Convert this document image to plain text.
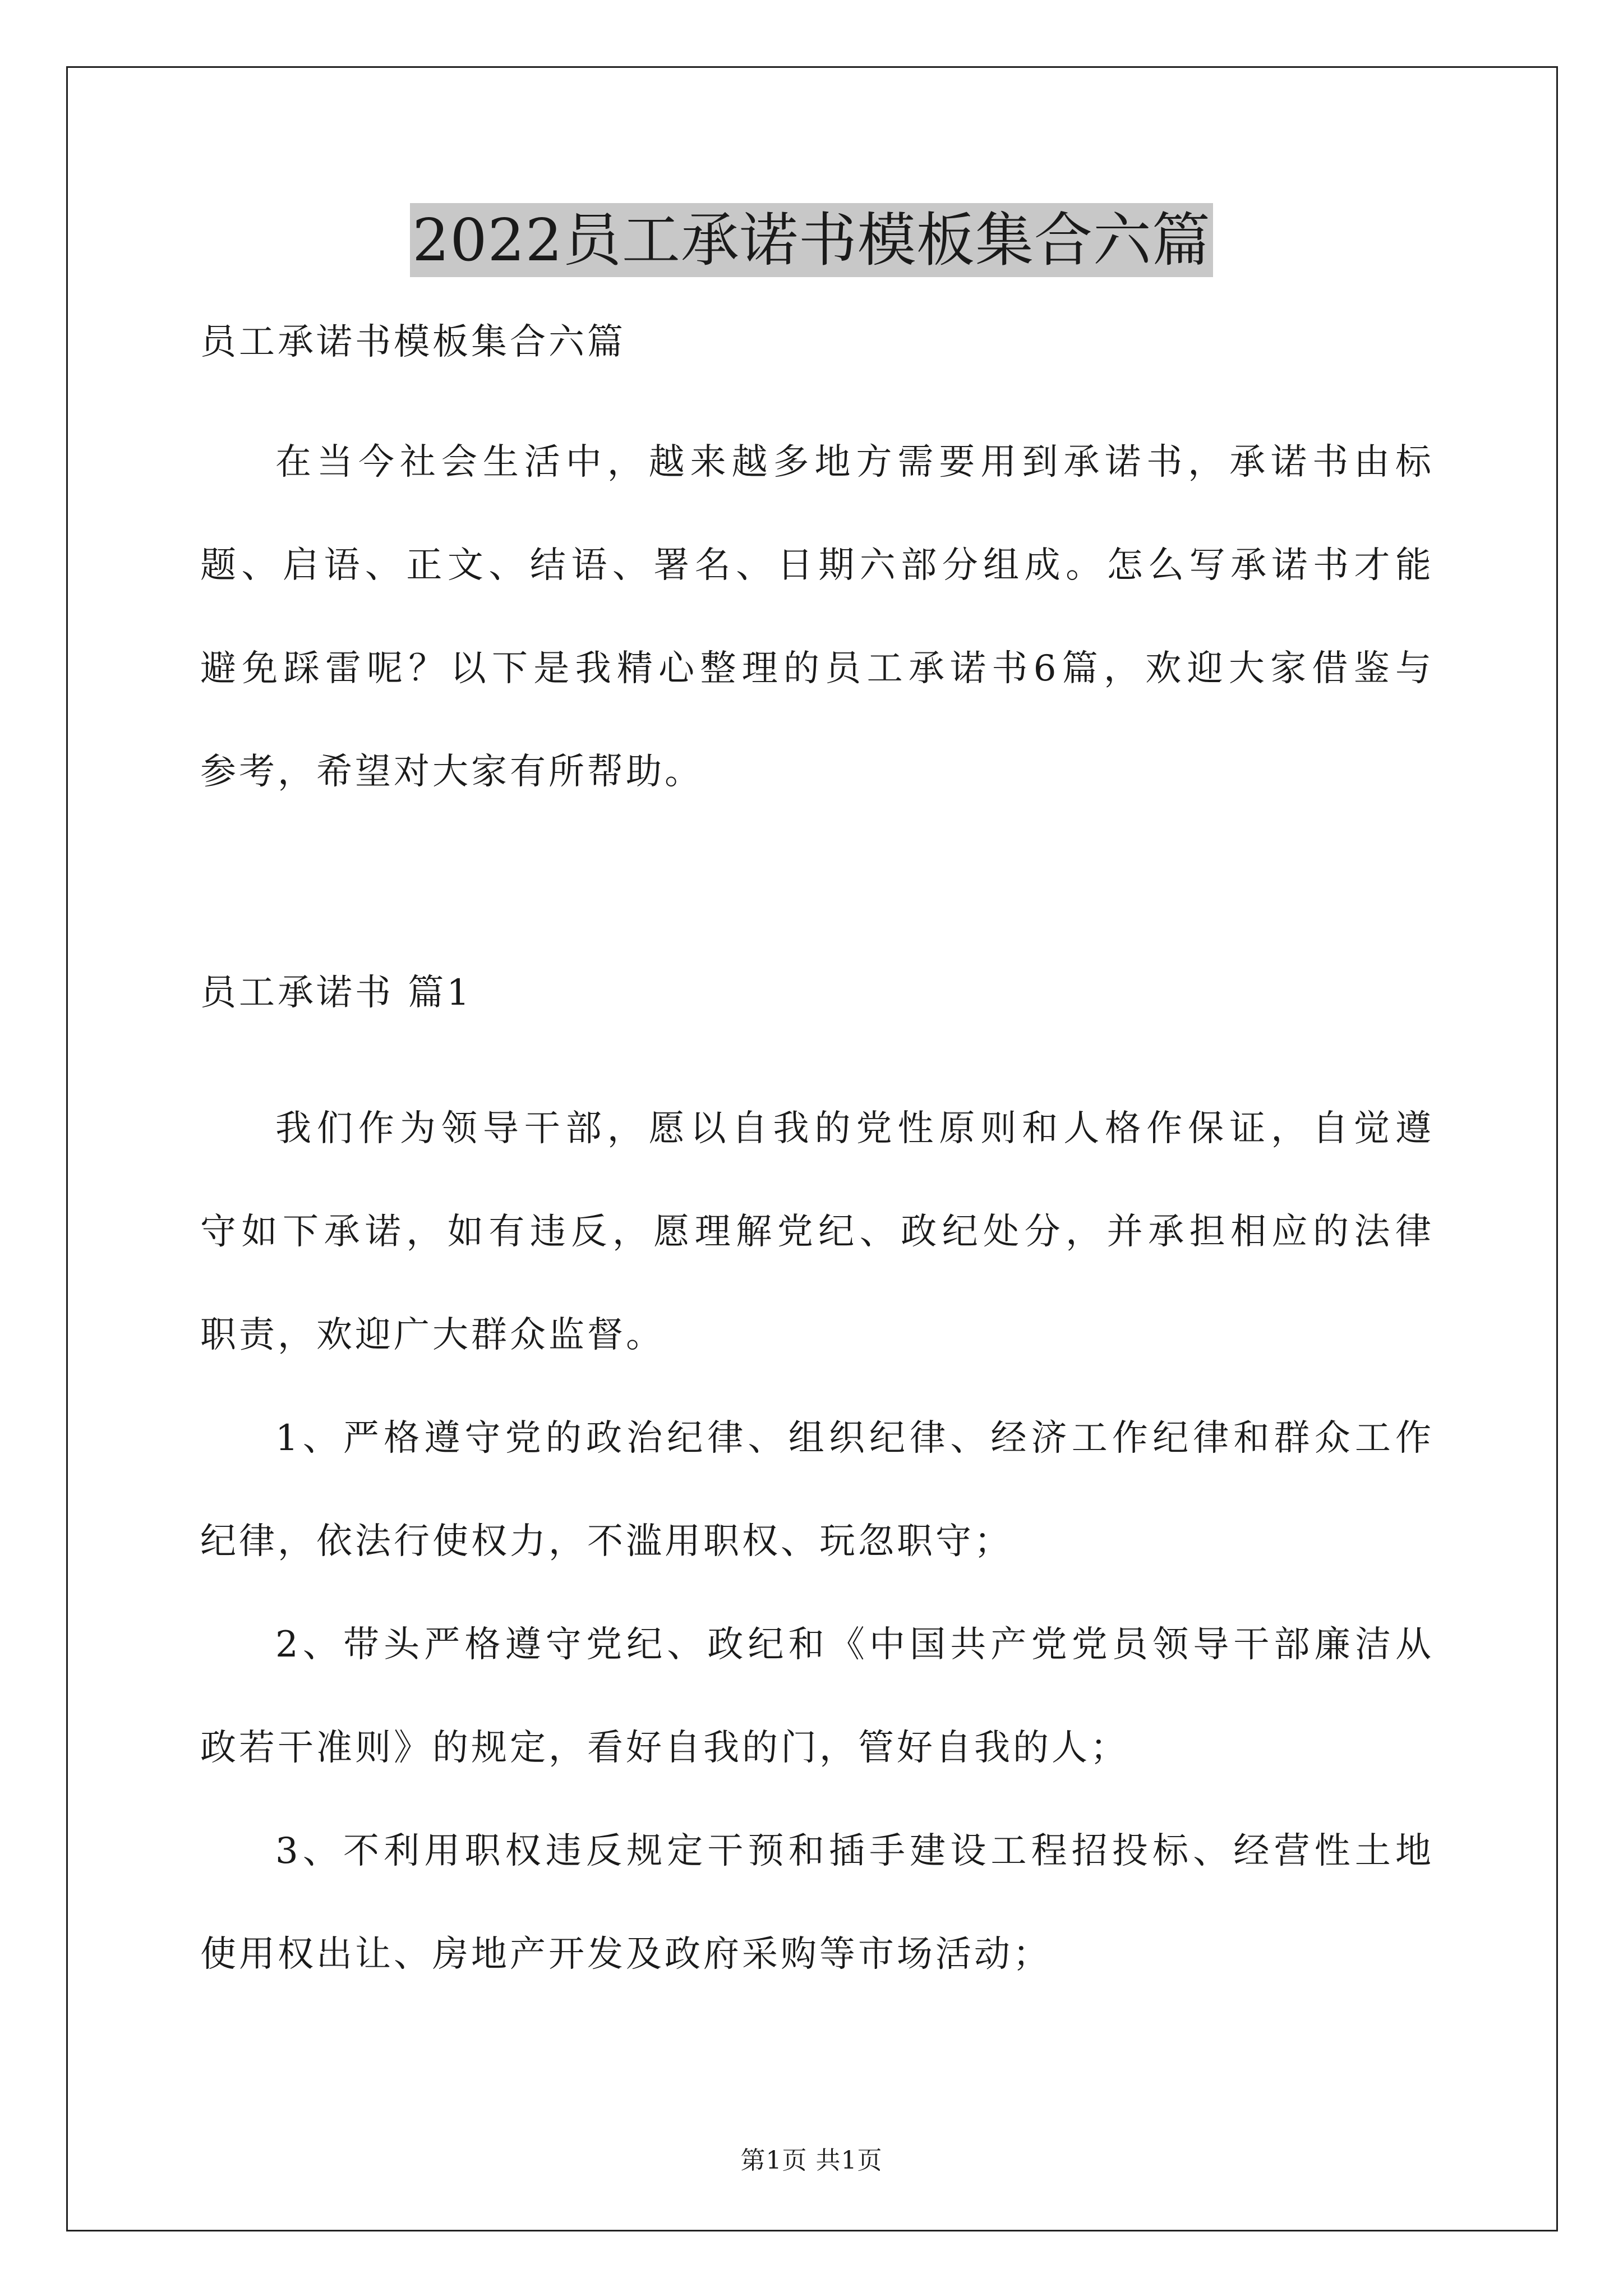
2022员工承诺书模板集合六篇
员工承诺书模板集合六篇
在当今社会生活中，越来越多地方需要用到承诺书，承诺书由标
题、启语、正文、结语、署名、日期六部分组成。怎么写承诺书才能
避免踩雷呢？以下是我精心整理的员工承诺书6篇，欢迎大家借鉴与
参考，希望对大家有所帮助。
员工承诺书 篇1
我们作为领导干部，愿以自我的党性原则和人格作保证，自觉遵
守如下承诺，如有违反，愿理解党纪、政纪处分，并承担相应的法律
职责，欢迎广大群众监督。
1、严格遵守党的政治纪律、组织纪律、经济工作纪律和群众工作
纪律，依法行使权力，不滥用职权、玩忽职守；
2、带头严格遵守党纪、政纪和《中国共产党党员领导干部廉洁从
政若干准则》的规定，看好自我的门，管好自我的人；
3、不利用职权违反规定干预和插手建设工程招投标、经营性土地
使用权出让、房地产开发及政府采购等市场活动；
第1页 共1页
